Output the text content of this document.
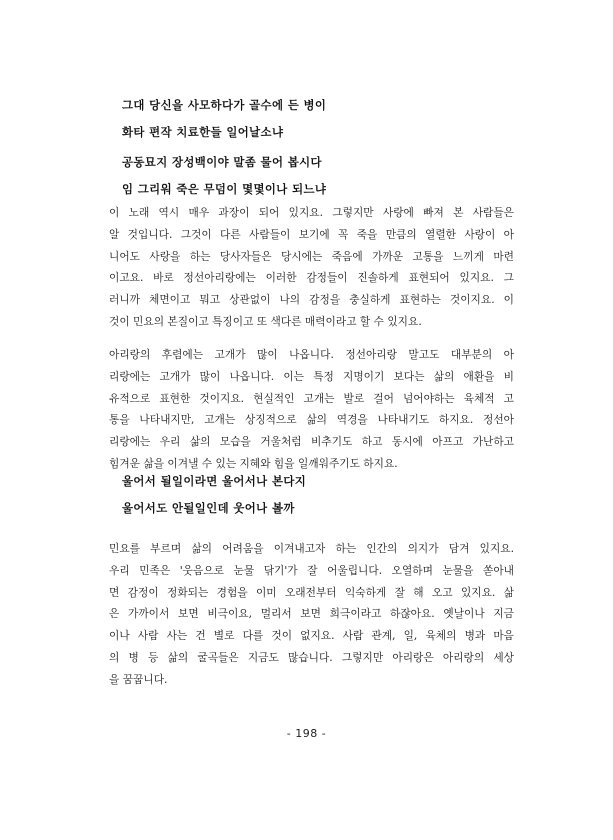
그대 당신을 사모하다가 골수에 든 병이
화타 편작 치료한들 일어날소냐
공동묘지 장성백이야 말좀 물어 봅시다
임 그리워 죽은 무덤이 몇몇이나 되느냐
이 노래 역시 매우 과장이 되어 있지요. 그렇지만 사랑에 빠져 본 사람들은
알 것입니다. 그것이 다른 사람들이 보기에 꼭 죽을 만큼의 열렬한 사랑이 아
니어도 사랑을 하는 당사자들은 당시에는 죽음에 가까운 고통을 느끼게 마련
이고요. 바로 정선아리랑에는 이러한 감정들이 진솔하게 표현되어 있지요. 그
러니까 체면이고 뭐고 상관없이 나의 감정을 충실하게 표현하는 것이지요. 이
것이 민요의 본질이고 특징이고 또 색다른 매력이라고 할 수 있지요.
아리랑의 후렴에는 고개가 많이 나옵니다. 정선아리랑 말고도 대부분의 아
리랑에는 고개가 많이 나옵니다. 이는 특정 지명이기 보다는 삶의 애환을 비
유적으로 표현한 것이지요. 현실적인 고개는 발로 걸어 넘어야하는 육체적 고
통을 나타내지만, 고개는 상징적으로 삶의 역경을 나타내기도 하지요. 정선아
리랑에는 우리 삶의 모습을 거울처럼 비추기도 하고 동시에 아프고 가난하고
힘겨운 삶을 이겨낼 수 있는 지혜와 힘을 일깨워주기도 하지요.
울어서 될일이라면 울어서나 본다지
울어서도 안될일인데 웃어나 볼까
민요를 부르며 삶의 어려움을 이겨내고자 하는 인간의 의지가 담겨 있지요.
우리 민족은 '웃음으로 눈물 닦기'가 잘 어울립니다. 오열하며 눈물을 쏟아내
면 감정이 정화되는 경험을 이미 오래전부터 익숙하게 잘 해 오고 있지요. 삶
은 가까이서 보면 비극이요, 멀리서 보면 희극이라고 하잖아요. 옛날이나 지금
이나 사람 사는 건 별로 다를 것이 없지요. 사람 관계, 일, 육체의 병과 마음
의 병 등 삶의 굴곡들은 지금도 많습니다. 그렇지만 아리랑은 아리랑의 세상
을 꿈꿉니다.
- 198 -
